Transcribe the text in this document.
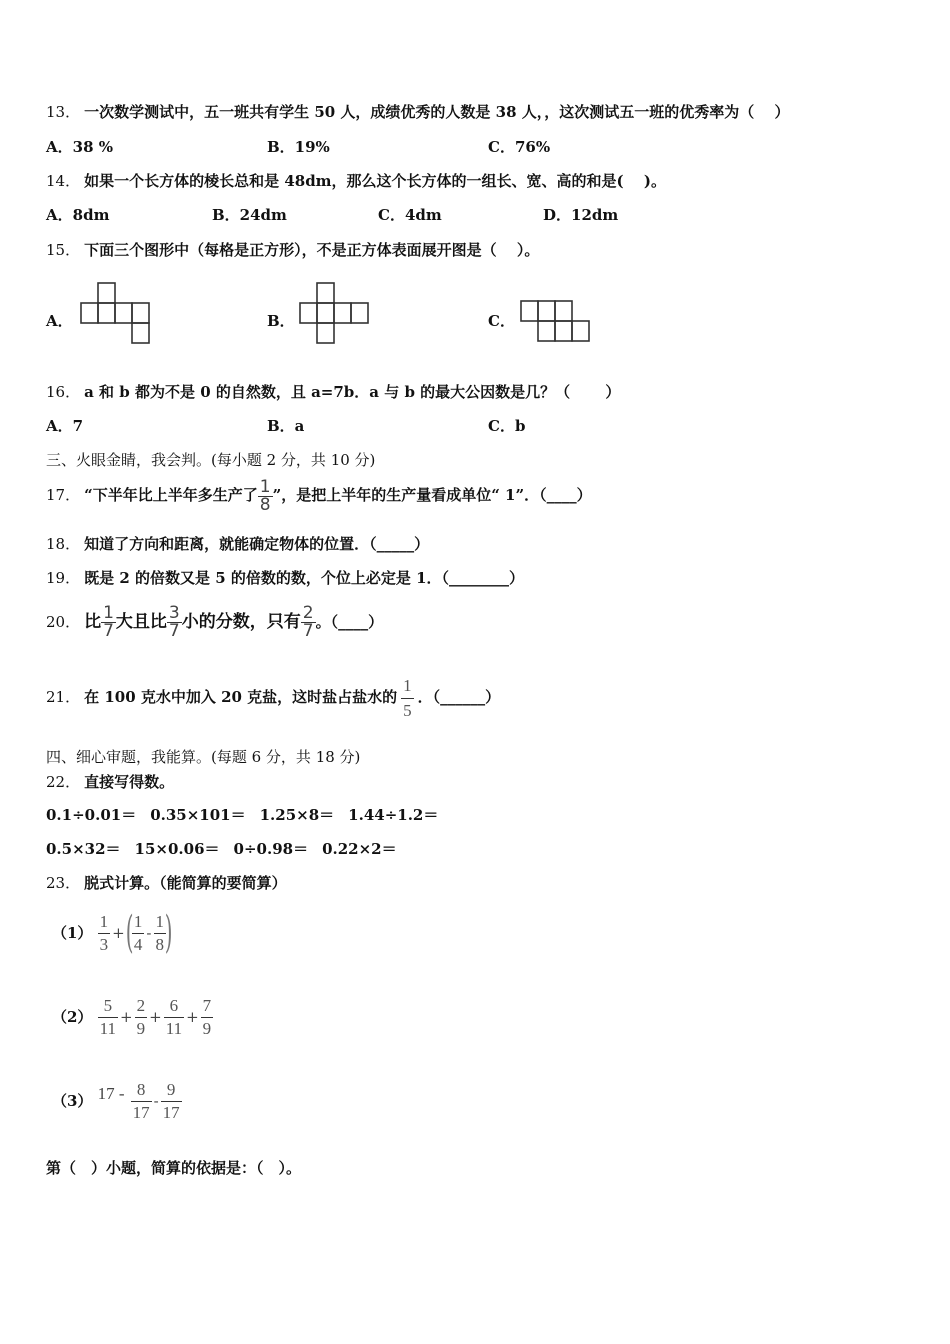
13． 一次数学测试中，五一班共有学生 50 人，成绩优秀的人数是 38 人，，这次测试五一班的优秀率为（　 ）
A．38 %	B．19%	C．76%
14． 如果一个长方体的棱长总和是 48dm，那么这个长方体的一组长、宽、高的和是(　 )。
A．8dm	B．24dm	C．4dm	D．12dm
15． 下面三个图形中（每格是正方形），不是正方体表面展开图是（　 ）。
A．	B．	C．
16． a 和 b 都为不是 0 的自然数，且 a=7b．a 与 b 的最大公因数是几？（　　 ）
A．7	B．a	C．b
三、火眼金睛，我会判。(每小题 2 分，共 10 分)
17． “下半年比上半年多生产了 $\frac{1}{8}$ ”，是把上半年的生产量看成单位“ 1”．（____）
18． 知道了方向和距离，就能确定物体的位置．（_____）
19． 既是 2 的倍数又是 5 的倍数的数，个位上必定是 1．（________）
20． 比 $\frac{1}{7}$ 大且比 $\frac{3}{7}$ 小的分数，只有 $\frac{2}{7}$ 。（____）
21． 在 100 克水中加入 20 克盐，这时盐占盐水的 $\frac{1}{5}$ ．（______）
四、细心审题，我能算。(每题 6 分，共 18 分)
22． 直接写得数。
0.1÷0.01＝ 0.35×101＝ 1.25×8＝ 1.44÷1.2＝
0.5×32＝ 15×0.06＝ 0÷0.98＝ 0.22×2＝
23． 脱式计算。（能简算的要简算）
$(1) \frac{1}{3}$ +(
$\frac{1}{4} - \frac{1}{8}$
)
$(2) \frac{5}{11} + \frac{2}{9} + \frac{6}{11} + \frac{7}{9}$
（3） $17 - \frac{8}{17} - \frac{9}{17}$
第（　）小题，简算的依据是：（　）。
